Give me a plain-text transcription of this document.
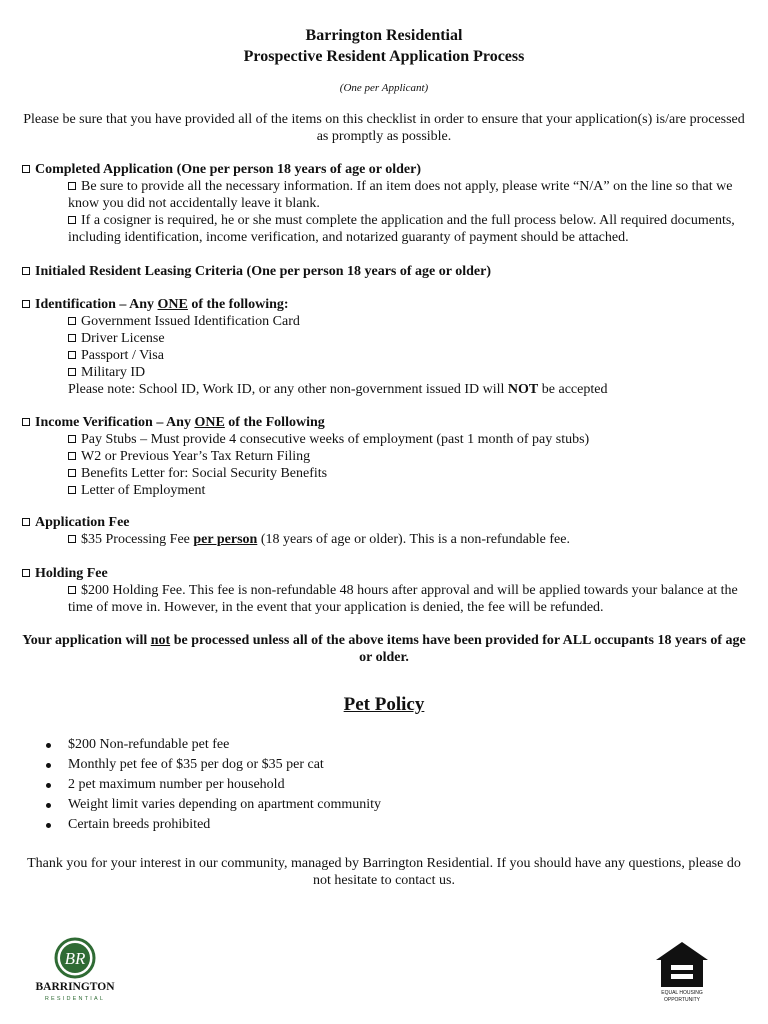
Barrington Residential
Prospective Resident Application Process
(One per Applicant)
Please be sure that you have provided all of the items on this checklist in order to ensure that your application(s) is/are processed as promptly as possible.
Completed Application (One per person 18 years of age or older)
Be sure to provide all the necessary information. If an item does not apply, please write “N/A” on the line so that we know you did not accidentally leave it blank.
If a cosigner is required, he or she must complete the application and the full process below. All required documents, including identification, income verification, and notarized guaranty of payment should be attached.
Initialed Resident Leasing Criteria (One per person 18 years of age or older)
Identification – Any ONE of the following:
Government Issued Identification Card
Driver License
Passport / Visa
Military ID
Please note: School ID, Work ID, or any other non-government issued ID will NOT be accepted
Income Verification – Any ONE of the Following
Pay Stubs – Must provide 4 consecutive weeks of employment (past 1 month of pay stubs)
W2 or Previous Year’s Tax Return Filing
Benefits Letter for: Social Security Benefits
Letter of Employment
Application Fee
$35 Processing Fee per person (18 years of age or older). This is a non-refundable fee.
Holding Fee
$200 Holding Fee. This fee is non-refundable 48 hours after approval and will be applied towards your balance at the time of move in. However, in the event that your application is denied, the fee will be refunded.
Your application will not be processed unless all of the above items have been provided for ALL occupants 18 years of age or older.
Pet Policy
$200 Non-refundable pet fee
Monthly pet fee of $35 per dog or $35 per cat
2 pet maximum number per household
Weight limit varies depending on apartment community
Certain breeds prohibited
Thank you for your interest in our community, managed by Barrington Residential. If you should have any questions, please do not hesitate to contact us.
BR
BARRINGTON
RESIDENTIAL
EQUAL HOUSING
OPPORTUNITY
